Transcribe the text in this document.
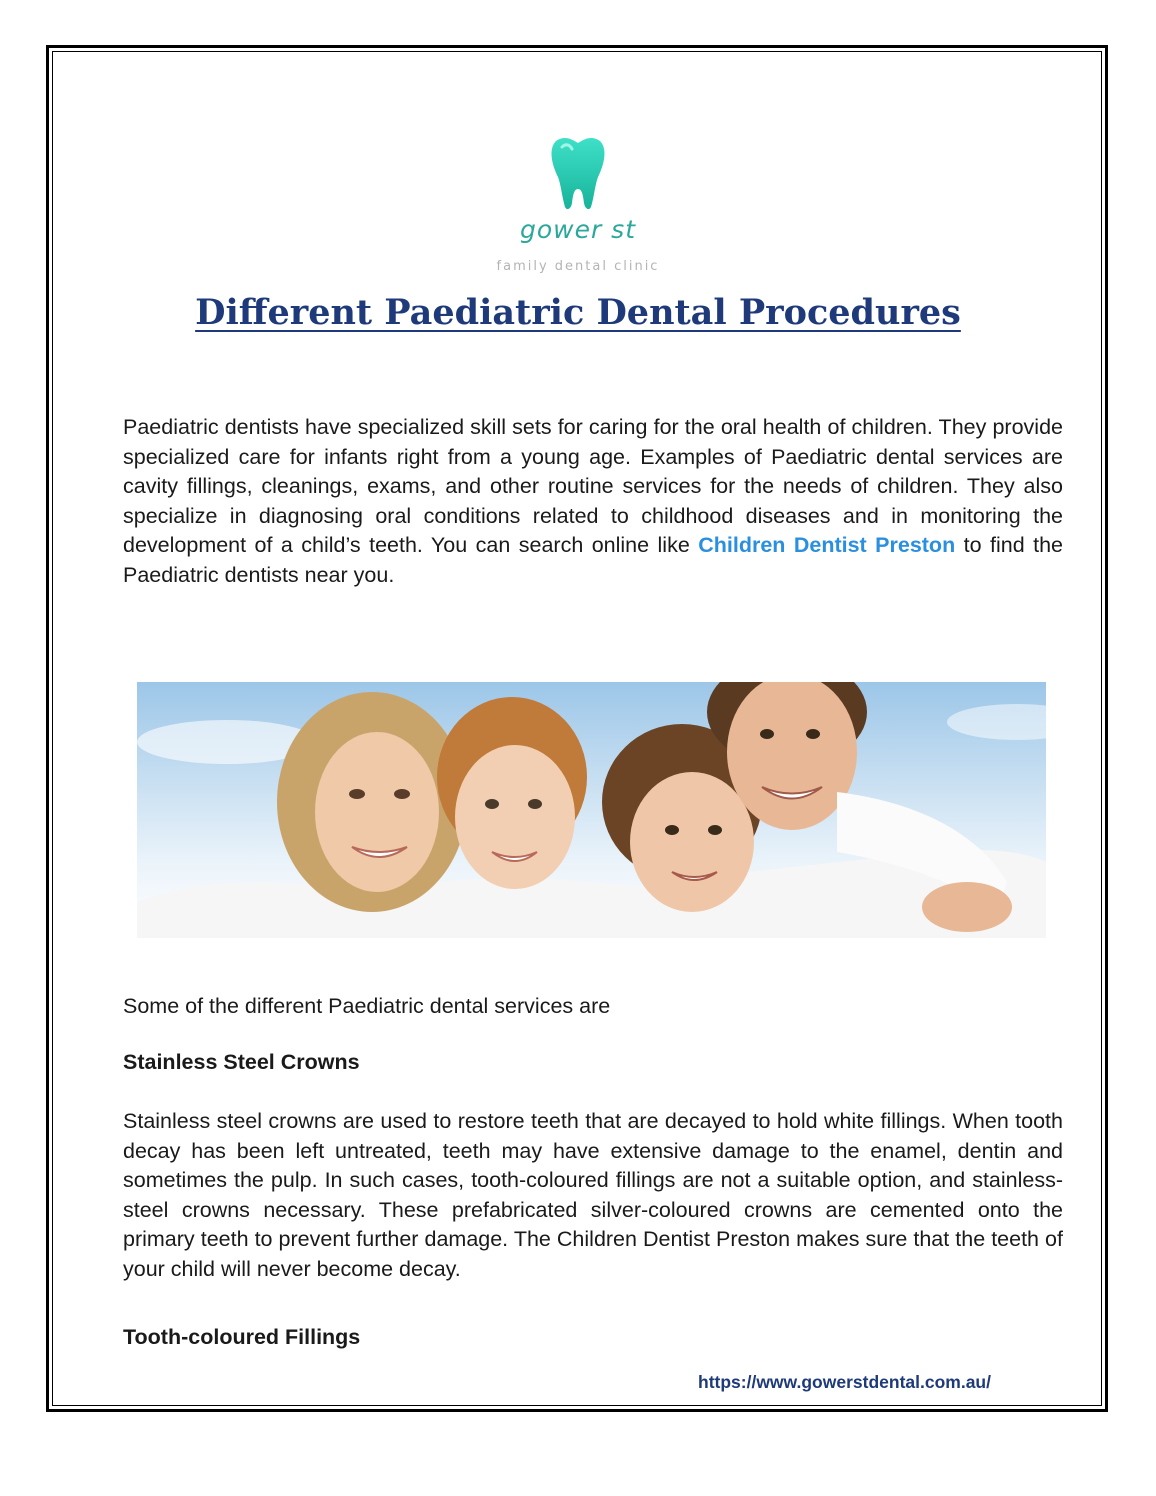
gower st
family dental clinic
Different Paediatric Dental Procedures

Paediatric dentists have specialized skill sets for caring for the oral health of children. They provide specialized care for infants right from a young age. Examples of Paediatric dental services are cavity fillings, cleanings, exams, and other routine services for the needs of children. They also specialize in diagnosing oral conditions related to childhood diseases and in monitoring the development of a child’s teeth. You can search online like Children Dentist Preston to find the Paediatric dentists near you.

Some of the different Paediatric dental services are

Stainless Steel Crowns

Stainless steel crowns are used to restore teeth that are decayed to hold white fillings. When tooth decay has been left untreated, teeth may have extensive damage to the enamel, dentin and sometimes the pulp. In such cases, tooth-coloured fillings are not a suitable option, and stainless-steel crowns necessary. These prefabricated silver-coloured crowns are cemented onto the primary teeth to prevent further damage. The Children Dentist Preston makes sure that the teeth of your child will never become decay.

Tooth-coloured Fillings

https://www.gowerstdental.com.au/
